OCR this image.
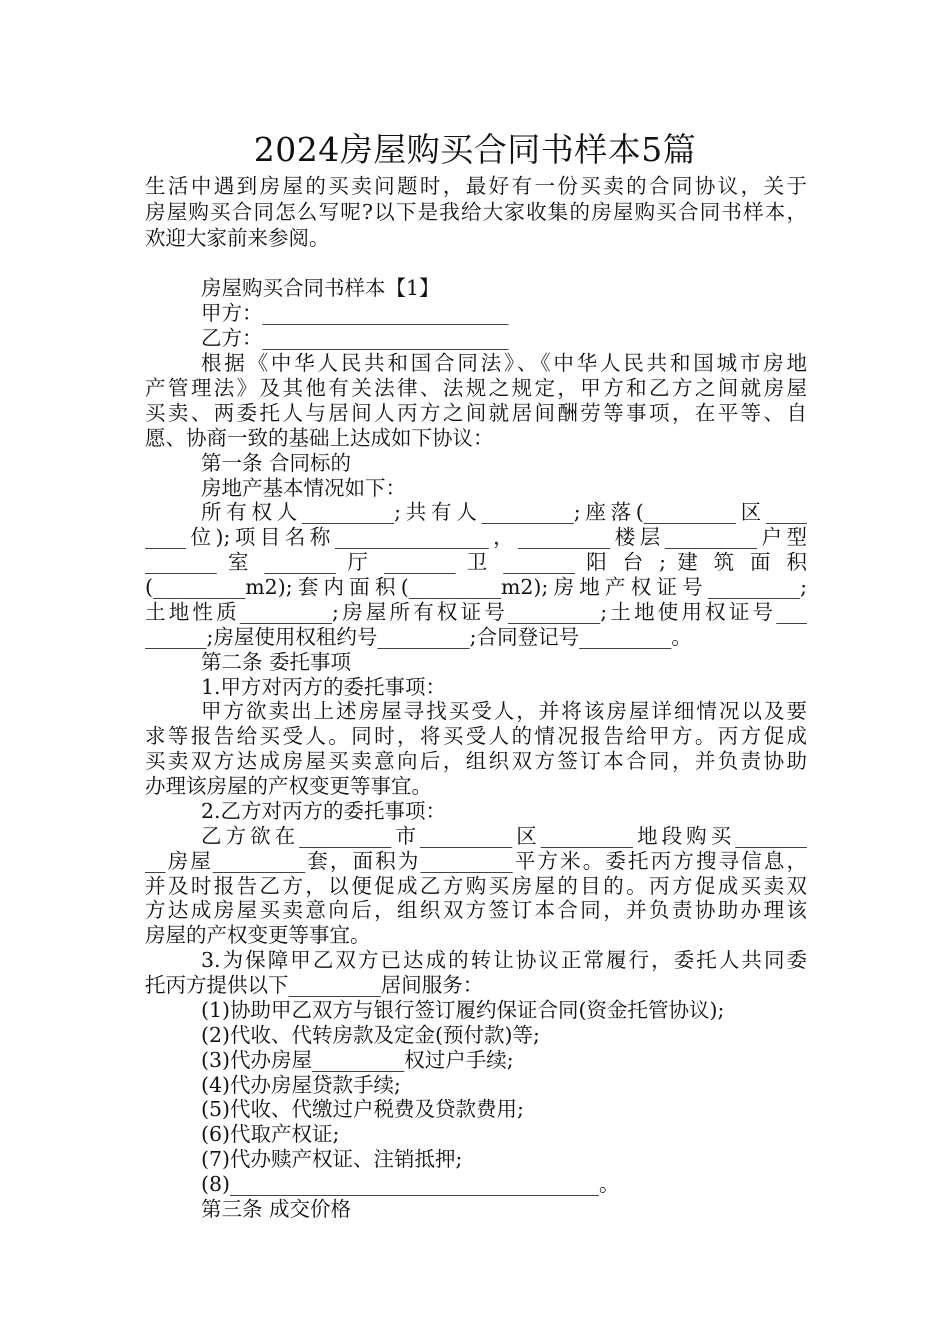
2024房屋购买合同书样本5篇
生活中遇到房屋的买卖问题时，最好有一份买卖的合同协议，关于
房屋购买合同怎么写呢?以下是我给大家收集的房屋购买合同书样本，
欢迎大家前来参阅。
房屋购买合同书样本【1】
甲方：________________________
乙方：________________________
根据《中华人民共和国合同法》、《中华人民共和国城市房地
产管理法》及其他有关法律、法规之规定，甲方和乙方之间就房屋
买卖、两委托人与居间人丙方之间就居间酬劳等事项，在平等、自
愿、协商一致的基础上达成如下协议：
第一条 合同标的
房地产基本情况如下：
所有权人_________;共有人_________;座落(_________区____
____位);项目名称_______________，_________楼层_________户型
_______ 室 _______ 厅 _______ 卫 _______ 阳 台 ; 建 筑 面 积
(_________m2);套内面积(_________m2);房地产权证号_________;
土地性质_________;房屋所有权证号_________;土地使用权证号___
______;房屋使用权租约号_________;合同登记号_________。
第二条 委托事项
1.甲方对丙方的委托事项：
甲方欲卖出上述房屋寻找买受人，并将该房屋详细情况以及要
求等报告给买受人。同时，将买受人的情况报告给甲方。丙方促成
买卖双方达成房屋买卖意向后，组织双方签订本合同，并负责协助
办理该房屋的产权变更等事宜。
2.乙方对丙方的委托事项：
乙方欲在_________市_________区_________地段购买_______
__房屋_________套，面积为_________平方米。委托丙方搜寻信息，
并及时报告乙方，以便促成乙方购买房屋的目的。丙方促成买卖双
方达成房屋买卖意向后，组织双方签订本合同，并负责协助办理该
房屋的产权变更等事宜。
3.为保障甲乙双方已达成的转让协议正常履行，委托人共同委
托丙方提供以下_________居间服务：
(1)协助甲乙双方与银行签订履约保证合同(资金托管协议);
(2)代收、代转房款及定金(预付款)等;
(3)代办房屋_________权过户手续;
(4)代办房屋贷款手续;
(5)代收、代缴过户税费及贷款费用;
(6)代取产权证;
(7)代办赎产权证、注销抵押;
(8)____________________________________。
第三条 成交价格
